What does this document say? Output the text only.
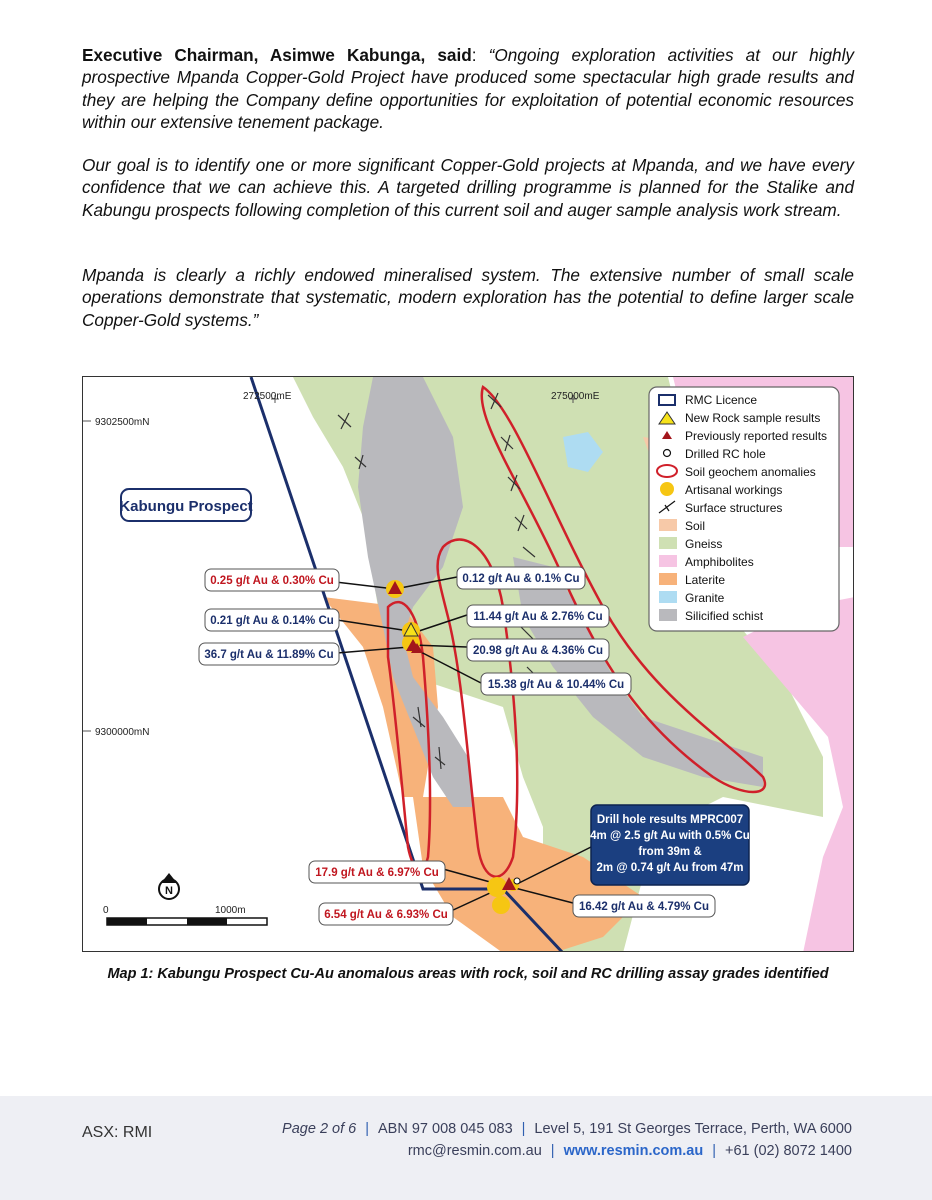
Executive Chairman, Asimwe Kabunga, said: “Ongoing exploration activities at our highly prospective Mpanda Copper-Gold Project have produced some spectacular high grade results and they are helping the Company define opportunities for exploitation of potential economic resources within our extensive tenement package.

Our goal is to identify one or more significant Copper-Gold projects at Mpanda, and we have every confidence that we can achieve this. A targeted drilling programme is planned for the Stalike and Kabungu prospects following completion of this current soil and auger sample analysis work stream.

Mpanda is clearly a richly endowed mineralised system. The extensive number of small scale operations demonstrate that systematic, modern exploration has the potential to define larger scale Copper-Gold systems.”

272500mE	275000mE
9302500mN
9300000mN
Kabungu Prospect
0.25 g/t Au & 0.30% Cu
0.21 g/t Au & 0.14% Cu
36.7 g/t Au & 11.89% Cu
0.12 g/t Au & 0.1% Cu
11.44 g/t Au & 2.76% Cu
20.98 g/t Au & 4.36% Cu
15.38 g/t Au & 10.44% Cu
17.9 g/t Au & 6.97% Cu
6.54 g/t Au & 6.93% Cu
16.42 g/t Au & 4.79% Cu
Drill hole results MPRC007
4m @ 2.5 g/t Au with 0.5% Cu
from 39m &
2m @ 0.74 g/t Au from 47m
N
0	1000m
RMC Licence
New Rock sample results
Previously reported results
Drilled RC hole
Soil geochem anomalies
Artisanal workings
Surface structures
Soil
Gneiss
Amphibolites
Laterite
Granite
Silicified schist
Map 1: Kabungu Prospect Cu-Au anomalous areas with rock, soil and RC drilling assay grades identified
ASX: RMI	Page 2 of 6 | ABN 97 008 045 083 | Level 5, 191 St Georges Terrace, Perth, WA 6000
rmc@resmin.com.au | www.resmin.com.au | +61 (02) 8072 1400
